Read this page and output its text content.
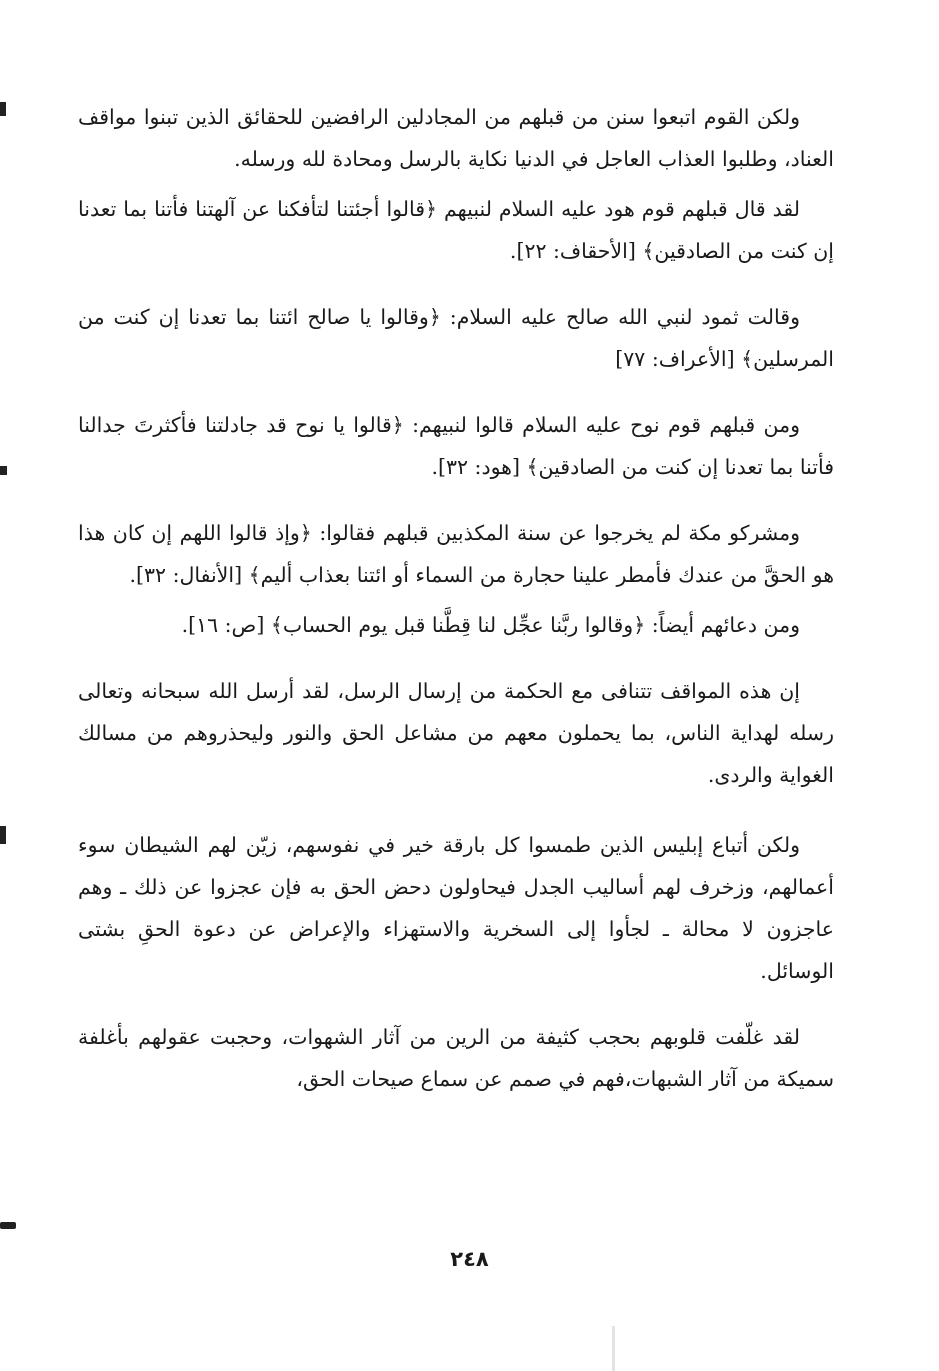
ولكن القوم اتبعوا سنن من قبلهم من المجادلين الرافضين للحقائق الذين تبنوا مواقف العناد، وطلبوا العذاب العاجل في الدنيا نكاية بالرسل ومحادة لله ورسله.

لقد قال قبلهم قوم هود عليه السلام لنبيهم ﴿قالوا أجئتنا لتأفكنا عن آلهتنا فأتنا بما تعدنا إن كنت من الصادقين﴾ [الأحقاف: ٢٢].

وقالت ثمود لنبي الله صالح عليه السلام: ﴿وقالوا يا صالح ائتنا بما تعدنا إن كنت من المرسلين﴾ [الأعراف: ٧٧]

ومن قبلهم قوم نوح عليه السلام قالوا لنبيهم: ﴿قالوا يا نوح قد جادلتنا فأكثرتَ جدالنا فأتنا بما تعدنا إن كنت من الصادقين﴾ [هود: ٣٢].

ومشركو مكة لم يخرجوا عن سنة المكذبين قبلهم فقالوا: ﴿وإذ قالوا اللهم إن كان هذا هو الحقَّ من عندك فأمطر علينا حجارة من السماء أو ائتنا بعذاب أليم﴾ [الأنفال: ٣٢].

ومن دعائهم أيضاً: ﴿وقالوا ربَّنا عجِّل لنا قِطَّنا قبل يوم الحساب﴾ [ص: ١٦].

إن هذه المواقف تتنافى مع الحكمة من إرسال الرسل، لقد أرسل الله سبحانه وتعالى رسله لهداية الناس، بما يحملون معهم من مشاعل الحق والنور وليحذروهم من مسالك الغواية والردى.

ولكن أتباع إبليس الذين طمسوا كل بارقة خير في نفوسهم، زيّن لهم الشيطان سوء أعمالهم، وزخرف لهم أساليب الجدل فيحاولون دحض الحق به فإن عجزوا عن ذلك ـ وهم عاجزون لا محالة ـ لجأوا إلى السخرية والاستهزاء والإعراض عن دعوة الحقِ بشتى الوسائل.

لقد غلّفت قلوبهم بحجب كثيفة من الرين من آثار الشهوات، وحجبت عقولهم بأغلفة سميكة من آثار الشبهات،فهم في صمم عن سماع صيحات الحق،

٢٤٨
